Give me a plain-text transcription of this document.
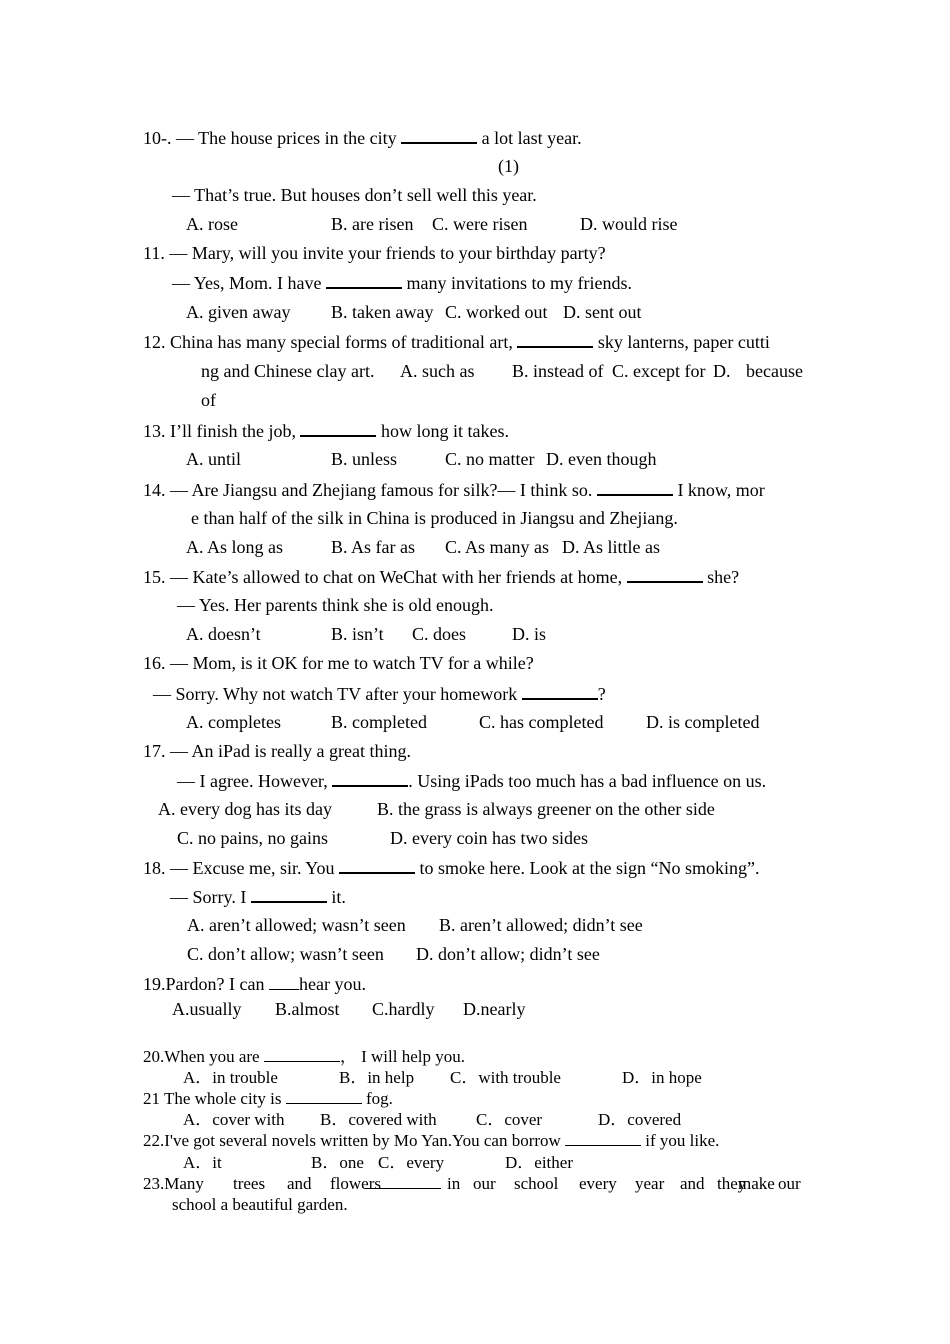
10-. — The house prices in the city	a lot last year.
(1)
— That’s true. But houses don’t sell well this year.
A. rose	B. are risen C. were risen	D. would rise
11. — Mary, will you invite your friends to your birthday party?
— Yes, Mom. I have	many invitations to my friends.
A. given away B. taken away C. worked out D. sent out
12. China has many special forms of traditional art,	sky lanterns, paper cutti
ng and Chinese clay art. A. such as B. instead of C. except for D. because
of
13. I’ll finish the job,	how long it takes.
A. until	B. unless	C. no matter D. even though
14. — Are Jiangsu and Zhejiang famous for silk?— I think so.	I know, mor
e than half of the silk in China is produced in Jiangsu and Zhejiang.
A. As long as	B. As far as C. As many as D. As little as
15. — Kate’s allowed to chat on WeChat with her friends at home,	she?
— Yes. Her parents think she is old enough.
A. doesn’t	B. isn’t C. does	D. is
16. — Mom, is it OK for me to watch TV for a while?
— Sorry. Why not watch TV after your homework	?
A. completes	B. completed	C. has completed D. is completed
17. — An iPad is really a great thing.
— I agree. However,	. Using iPads too much has a bad influence on us.
A. every dog has its day	B. the grass is always greener on the other side
C. no pains, no gains	D. every coin has two sides
18. — Excuse me, sir. You	to smoke here. Look at the sign “No smoking”.
— Sorry. I	it.
A. aren’t allowed; wasn’t seen B. aren’t allowed; didn’t see
C. don’t allow; wasn’t seen D. don’t allow; didn’t see
19.Pardon? I can hear you.
A.usually B.almost C.hardly D.nearly
20.When you are	， I will help you.
A．in trouble	B．in help C．with trouble	D．in hope
21 The whole city is	fog.
A．cover with B．covered with C．cover	D．covered
22.I've got several novels written by Mo Yan.You can borrow	if you like.
A．it	B．one C．every	D．either
23.Many trees and flowers	in our school every year and they
make
school a beautiful garden.
our
